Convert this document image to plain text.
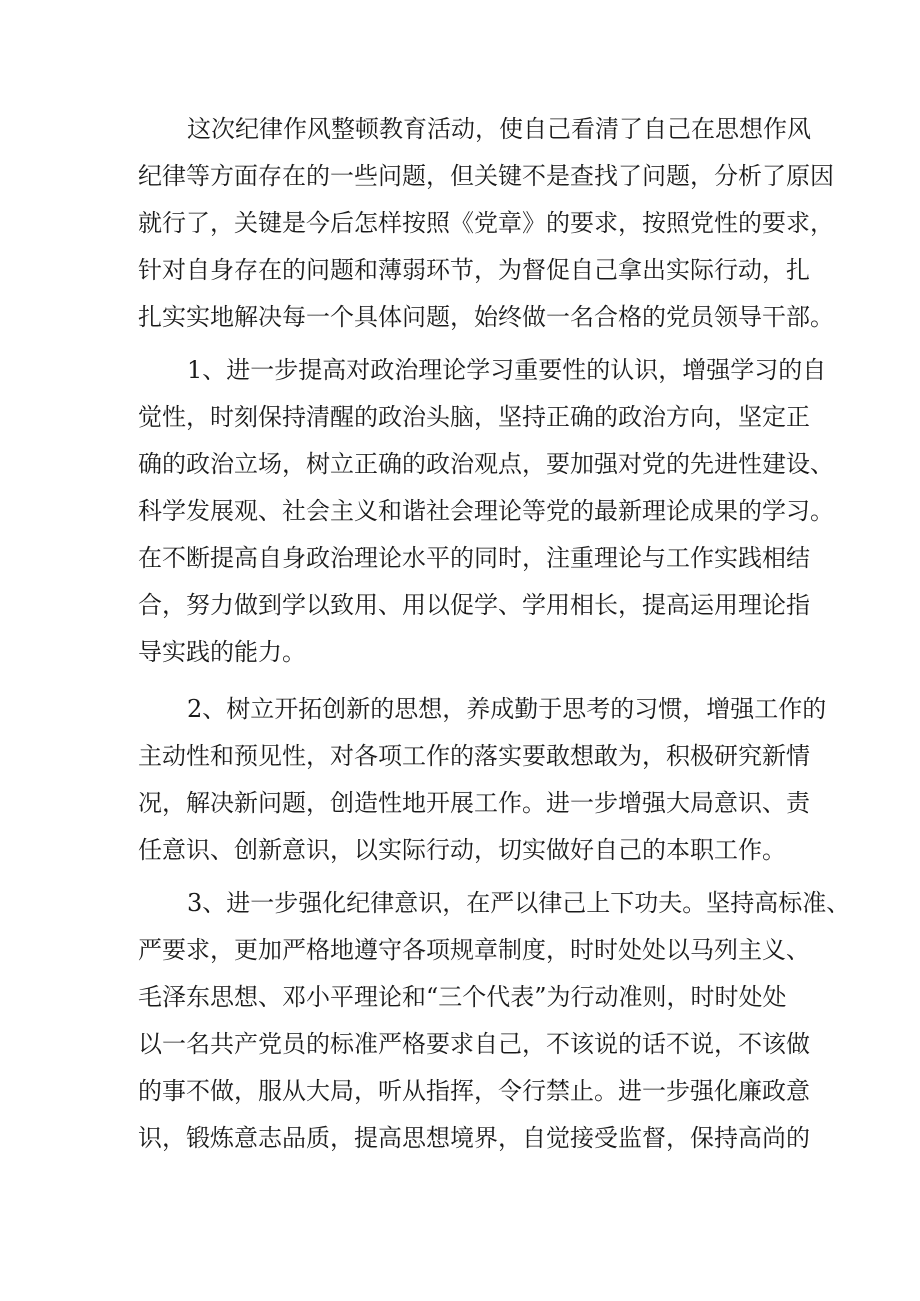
这次纪律作风整顿教育活动，使自己看清了自己在思想作风
纪律等方面存在的一些问题，但关键不是查找了问题，分析了原因
就行了，关键是今后怎样按照《党章》的要求，按照党性的要求，
针对自身存在的问题和薄弱环节，为督促自己拿出实际行动，扎
扎实实地解决每一个具体问题，始终做一名合格的党员领导干部。
1、进一步提高对政治理论学习重要性的认识，增强学习的自
觉性，时刻保持清醒的政治头脑，坚持正确的政治方向，坚定正
确的政治立场，树立正确的政治观点，要加强对党的先进性建设、
科学发展观、社会主义和谐社会理论等党的最新理论成果的学习。
在不断提高自身政治理论水平的同时，注重理论与工作实践相结
合，努力做到学以致用、用以促学、学用相长，提高运用理论指
导实践的能力。
2、树立开拓创新的思想，养成勤于思考的习惯，增强工作的
主动性和预见性，对各项工作的落实要敢想敢为，积极研究新情
况，解决新问题，创造性地开展工作。进一步增强大局意识、责
任意识、创新意识，以实际行动，切实做好自己的本职工作。
3、进一步强化纪律意识，在严以律己上下功夫。坚持高标准、
严要求，更加严格地遵守各项规章制度，时时处处以马列主义、
毛泽东思想、邓小平理论和“三个代表”为行动准则，时时处处
以一名共产党员的标准严格要求自己，不该说的话不说，不该做
的事不做，服从大局，听从指挥，令行禁止。进一步强化廉政意
识，锻炼意志品质，提高思想境界，自觉接受监督，保持高尚的
